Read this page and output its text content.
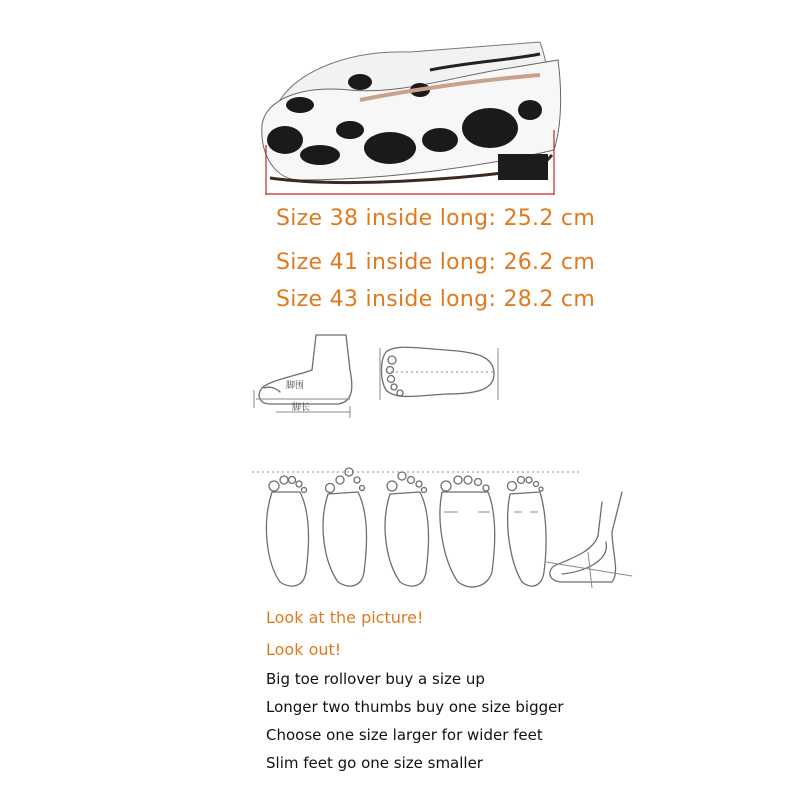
Size 38 inside long: 25.2 cm
Size 41 inside long: 26.2 cm
Size 43 inside long: 28.2 cm
脚围
脚长
Look at the picture!
Look out!
Big toe rollover buy a size up
Longer two thumbs buy one size bigger
Choose one size larger for wider feet
Slim feet go one size smaller
